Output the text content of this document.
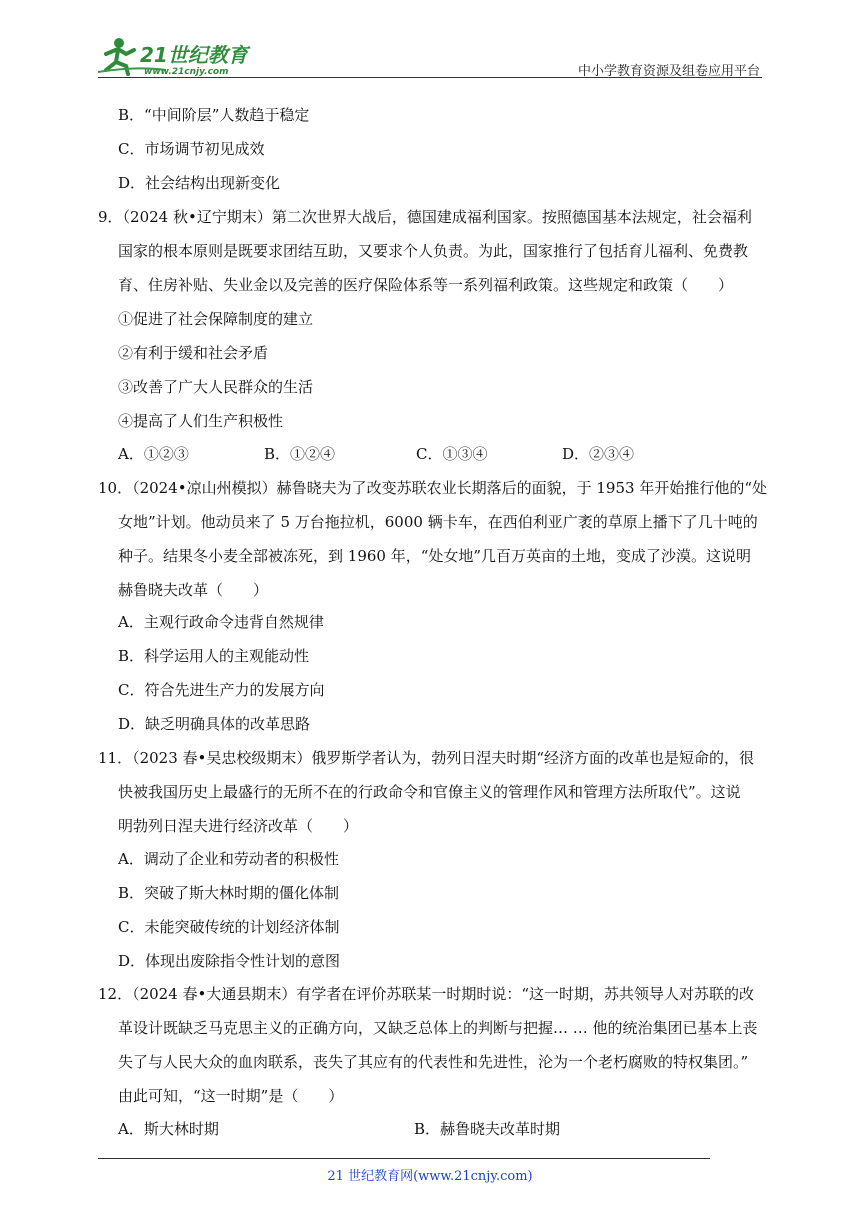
21世纪教育
www.21cnjy.com	中小学教育资源及组卷应用平台
B．“中间阶层”人数趋于稳定
C．市场调节初见成效
D．社会结构出现新变化
9．（2024 秋•辽宁期末）第二次世界大战后，德国建成福利国家。按照德国基本法规定，社会福利
国家的根本原则是既要求团结互助，又要求个人负责。为此，国家推行了包括育儿福利、免费教
育、住房补贴、失业金以及完善的医疗保险体系等一系列福利政策。这些规定和政策（　　）
①促进了社会保障制度的建立
②有利于缓和社会矛盾
③改善了广大人民群众的生活
④提高了人们生产积极性
A．①②③	B．①②④	C．①③④	D．②③④
10．（2024•凉山州模拟）赫鲁晓夫为了改变苏联农业长期落后的面貌，于 1953 年开始推行他的“处
女地”计划。他动员来了 5 万台拖拉机，6000 辆卡车，在西伯利亚广袤的草原上播下了几十吨的
种子。结果冬小麦全部被冻死，到 1960 年，“处女地”几百万英亩的土地，变成了沙漠。这说明
赫鲁晓夫改革（　　）
A．主观行政命令违背自然规律
B．科学运用人的主观能动性
C．符合先进生产力的发展方向
D．缺乏明确具体的改革思路
11．（2023 春•吴忠校级期末）俄罗斯学者认为，勃列日涅夫时期“经济方面的改革也是短命的，很
快被我国历史上最盛行的无所不在的行政命令和官僚主义的管理作风和管理方法所取代”。这说
明勃列日涅夫进行经济改革（　　）
A．调动了企业和劳动者的积极性
B．突破了斯大林时期的僵化体制
C．未能突破传统的计划经济体制
D．体现出废除指令性计划的意图
12．（2024 春•大通县期末）有学者在评价苏联某一时期时说：“这一时期，苏共领导人对苏联的改
革设计既缺乏马克思主义的正确方向，又缺乏总体上的判断与把握… … 他的统治集团已基本上丧
失了与人民大众的血肉联系，丧失了其应有的代表性和先进性，沦为一个老朽腐败的特权集团。”
由此可知，“这一时期”是（　　）
A．斯大林时期	B．赫鲁晓夫改革时期
21 世纪教育网(www.21cnjy.com)
